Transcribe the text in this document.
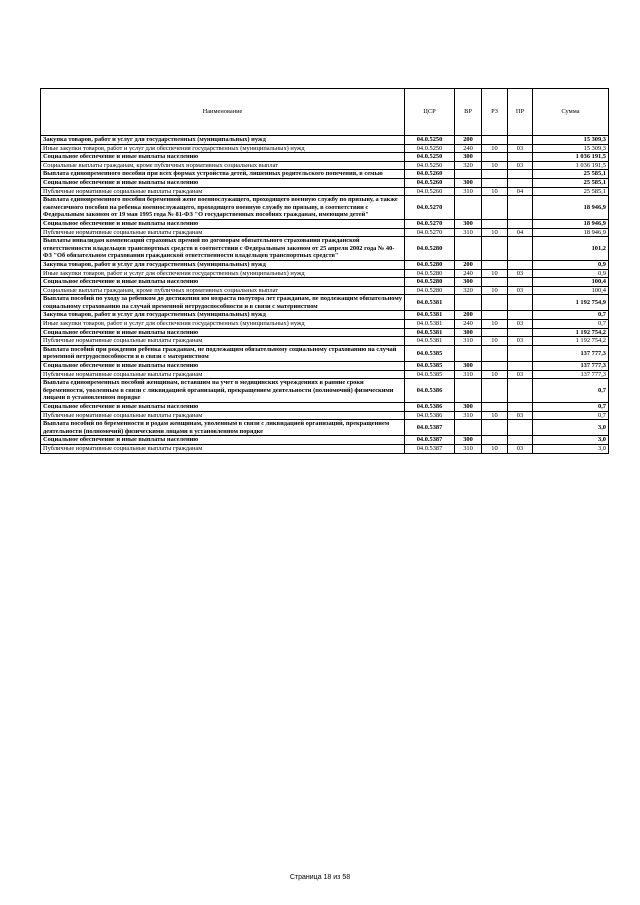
Наименование	ЦСР	ВР	РЗ	ПР	Сумма
Закупка товаров, работ и услуг для государственных (муниципальных) нужд	04.0.5250	200			15 309,3
Иные закупки товаров, работ и услуг для обеспечения государственных (муниципальных) нужд	04.0.5250	240	10	03	15 309,3
Социальное обеспечение и иные выплаты населению	04.0.5250	300			1 036 191,5
Социальные выплаты гражданам, кроме публичных нормативных социальных выплат	04.0.5250	320	10	03	1 036 191,5
Выплата единовременного пособия при всех формах устройства детей, лишенных родительского попечения, в семью	04.0.5260				25 585,1
Социальное обеспечение и иные выплаты населению	04.0.5260	300			25 585,1
Публичные нормативные социальные выплаты гражданам	04.0.5260	310	10	04	25 585,1
Выплата единовременного пособия беременной жене военнослужащего, проходящего военную службу по призыву, а также ежемесячного пособия на ребенка военнослужащего, проходящего военную службу по призыву, в соответствии с Федеральным законом от 19 мая 1995 года № 81-ФЗ "О государственных пособиях гражданам, имеющим детей"	04.0.5270				18 946,9
Социальное обеспечение и иные выплаты населению	04.0.5270	300			18 946,9
Публичные нормативные социальные выплаты гражданам	04.0.5270	310	10	04	18 946,9
Выплаты инвалидам компенсаций страховых премий по договорам обязательного страхования гражданской ответственности владельцев транспортных средств в соответствии с Федеральным законом от 25 апреля 2002 года № 40-ФЗ "Об обязательном страховании гражданской ответственности владельцев транспортных средств"	04.0.5280				101,2
Закупка товаров, работ и услуг для государственных (муниципальных) нужд	04.0.5280	200			0,9
Иные закупки товаров, работ и услуг для обеспечения государственных (муниципальных) нужд	04.0.5280	240	10	03	0,9
Социальное обеспечение и иные выплаты населению	04.0.5280	300			100,4
Социальные выплаты гражданам, кроме публичных нормативных социальных выплат	04.0.5280	320	10	03	100,4
Выплата пособий по уходу за ребенком до достижения им возраста полутора лет гражданам, не подлежащим обязательному социальному страхованию на случай временной нетрудоспособности и в связи с материнством	04.0.5381				1 192 754,9
Закупка товаров, работ и услуг для государственных (муниципальных) нужд	04.0.5381	200			0,7
Иные закупки товаров, работ и услуг для обеспечения государственных (муниципальных) нужд	04.0.5381	240	10	03	0,7
Социальное обеспечение и иные выплаты населению	04.0.5381	300			1 192 754,2
Публичные нормативные социальные выплаты гражданам	04.0.5381	310	10	03	1 192 754,2
Выплата пособий при рождении ребенка гражданам, не подлежащим обязательному социальному страхованию на случай временной нетрудоспособности и в связи с материнством	04.0.5385				137 777,3
Социальное обеспечение и иные выплаты населению	04.0.5385	300			137 777,3
Публичные нормативные социальные выплаты гражданам	04.0.5385	310	10	03	137 777,3
Выплата единовременных пособий женщинам, вставшим на учет в медицинских учреждениях в ранние сроки беременности, уволенным в связи с ликвидацией организаций, прекращением деятельности (полномочий) физическими лицами в установленном порядке	04.0.5386				0,7
Социальное обеспечение и иные выплаты населению	04.0.5386	300			0,7
Публичные нормативные социальные выплаты гражданам	04.0.5386	310	10	03	0,7
Выплата пособий по беременности и родам женщинам, уволенным в связи с ликвидацией организаций, прекращением деятельности (полномочий) физическими лицами в установленном порядке	04.0.5387				3,0
Социальное обеспечение и иные выплаты населению	04.0.5387	300			3,0
Публичные нормативные социальные выплаты гражданам	04.0.5387	310	10	03	3,0
Страница 18 из 58
